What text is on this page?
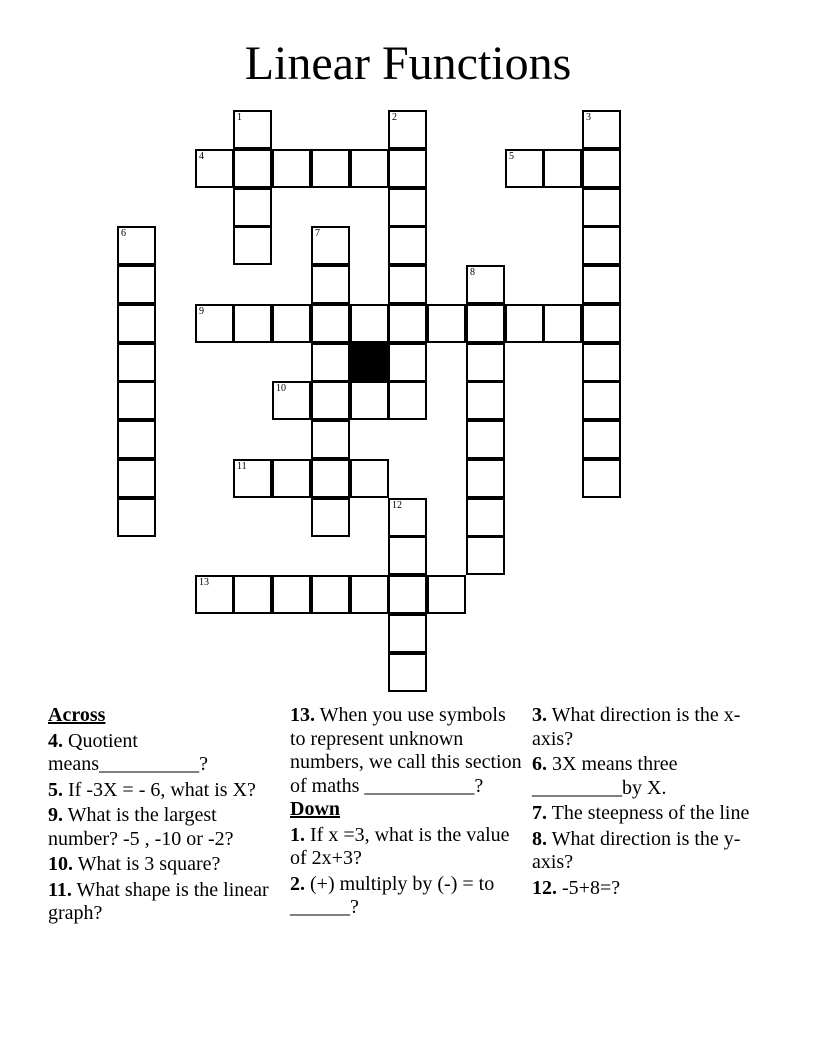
Linear Functions
1	2	3
4	5
6	7
8
9
10
11
12
13
Across
4. Quotient means__________?
5. If -3X = - 6, what is X?
9. What is the largest number? -5 , -10 or -2?
10. What is 3 square?
11. What shape is the linear graph?
13. When you use symbols to represent unknown numbers, we call this section of maths ___________?
Down
1. If x =3, what is the value of 2x+3?
2. (+) multiply by (-) = to ______?
3. What direction is the x-axis?
6. 3X means three _________by X.
7. The steepness of the line
8. What direction is the y-axis?
12. -5+8=?
